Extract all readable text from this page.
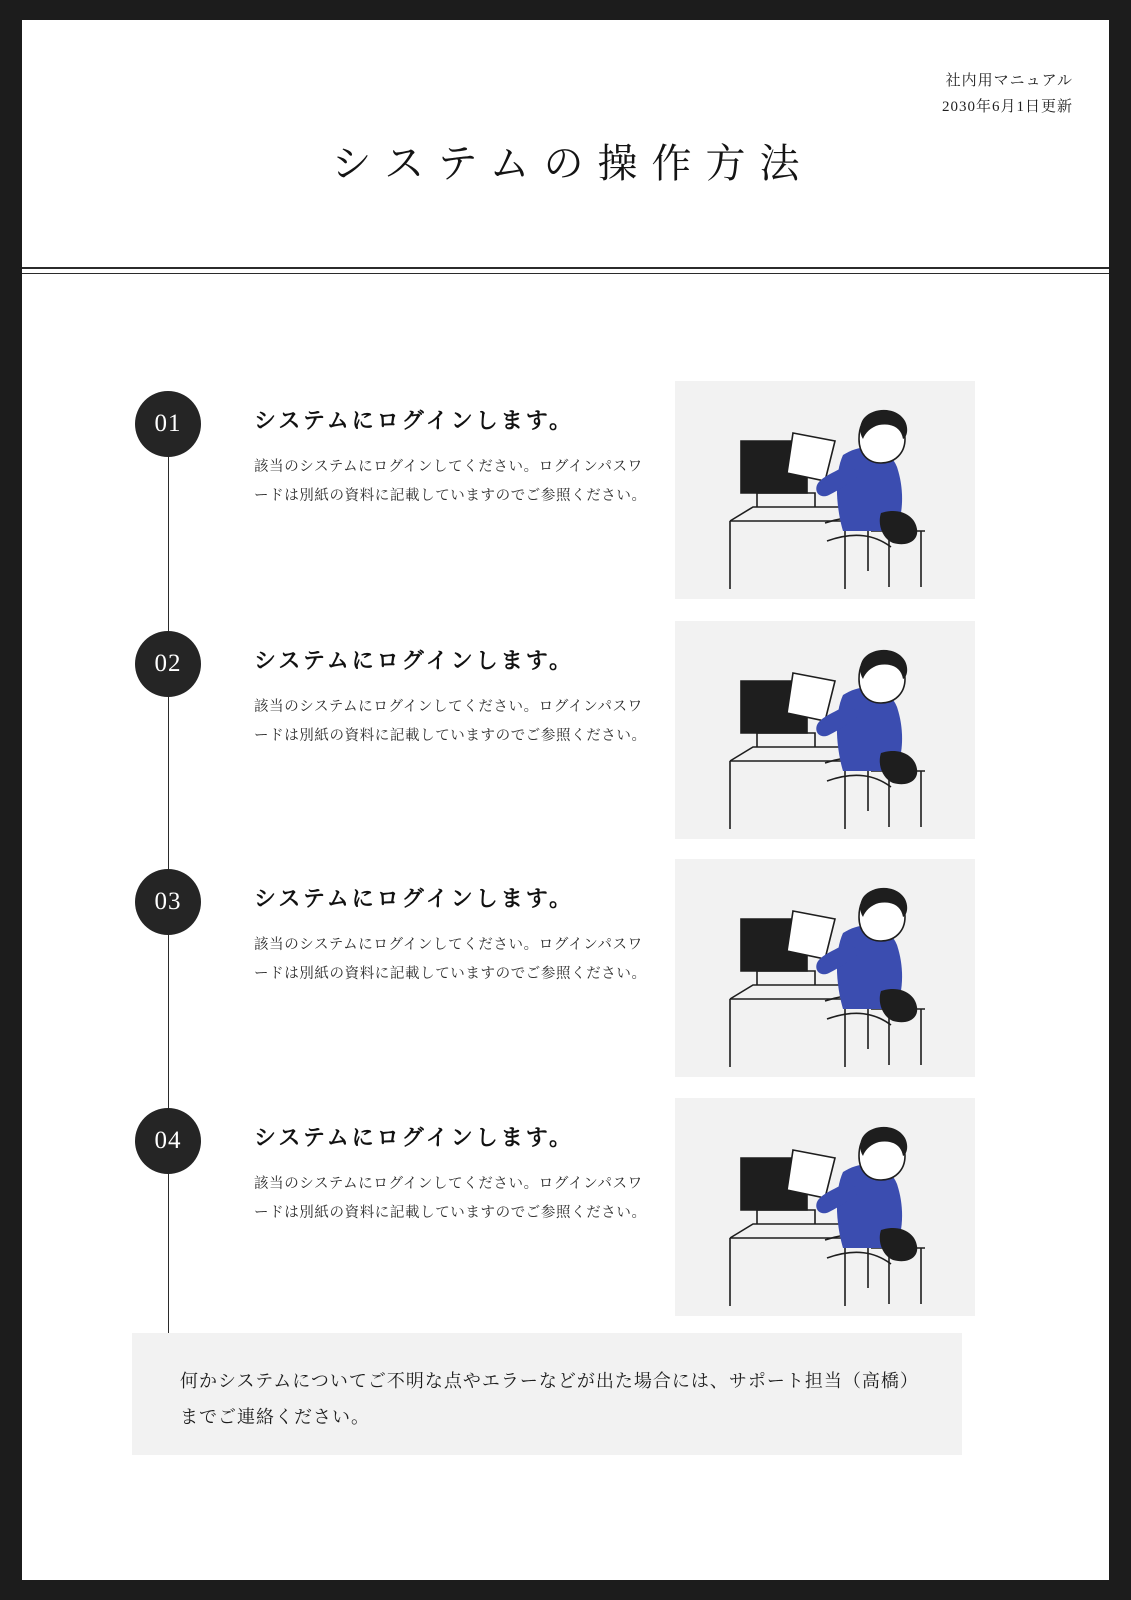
社内用マニュアル
2030年6月1日更新
システムの操作方法
01	システムにログインします。
該当のシステムにログインしてください。ログインパスワードは別紙の資料に記載していますのでご参照ください。
02	システムにログインします。
該当のシステムにログインしてください。ログインパスワードは別紙の資料に記載していますのでご参照ください。
03	システムにログインします。
該当のシステムにログインしてください。ログインパスワードは別紙の資料に記載していますのでご参照ください。
04	システムにログインします。
該当のシステムにログインしてください。ログインパスワードは別紙の資料に記載していますのでご参照ください。
何かシステムについてご不明な点やエラーなどが出た場合には、サポート担当（高橋）までご連絡ください。
